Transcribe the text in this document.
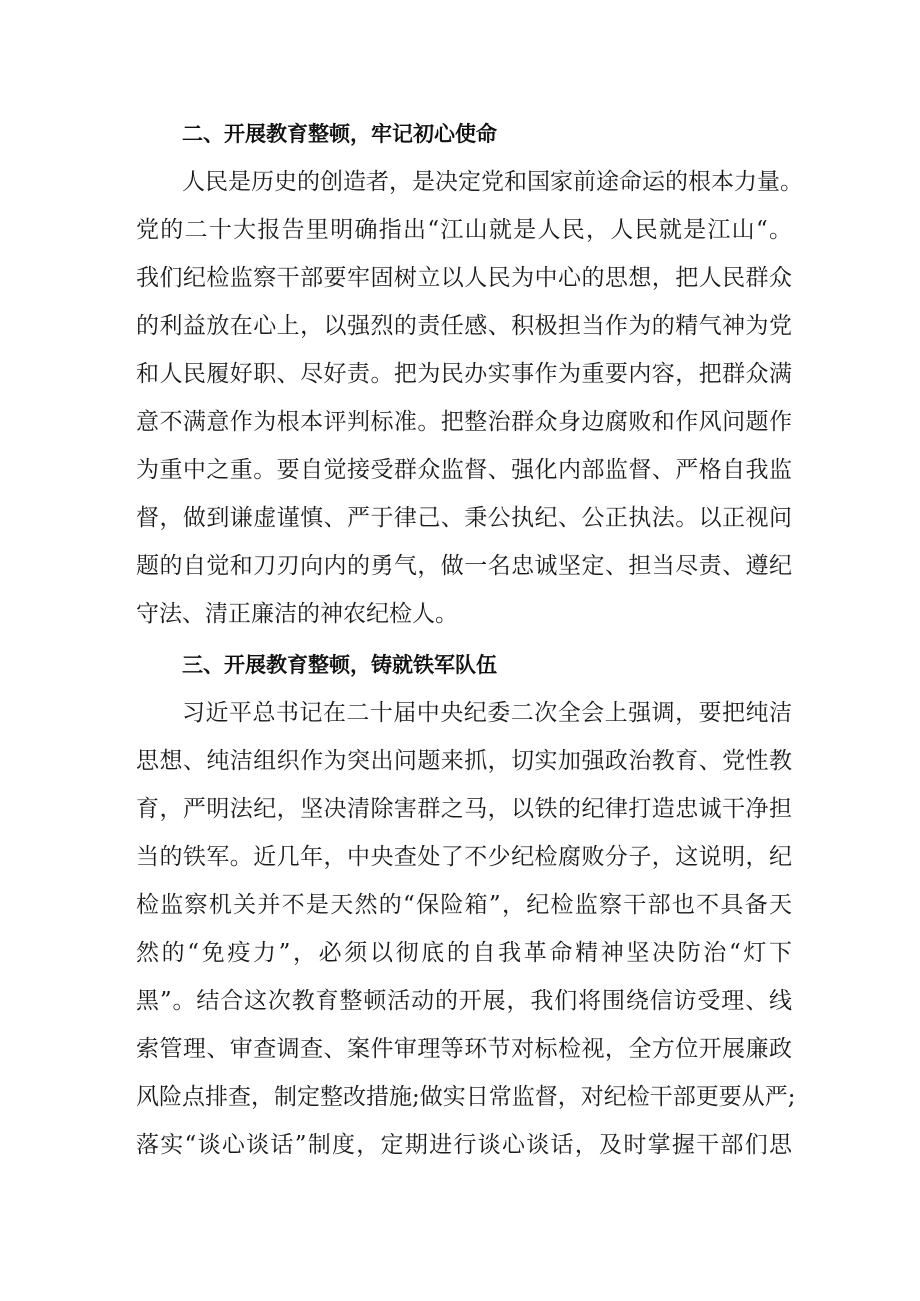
二、开展教育整顿，牢记初心使命
人民是历史的创造者，是决定党和国家前途命运的根本力量。
党的二十大报告里明确指出“江山就是人民，人民就是江山“。
我们纪检监察干部要牢固树立以人民为中心的思想，把人民群众
的利益放在心上，以强烈的责任感、积极担当作为的精气神为党
和人民履好职、尽好责。把为民办实事作为重要内容，把群众满
意不满意作为根本评判标准。把整治群众身边腐败和作风问题作
为重中之重。要自觉接受群众监督、强化内部监督、严格自我监
督，做到谦虚谨慎、严于律己、秉公执纪、公正执法。以正视问
题的自觉和刀刃向内的勇气，做一名忠诚坚定、担当尽责、遵纪
守法、清正廉洁的神农纪检人。
三、开展教育整顿，铸就铁军队伍
习近平总书记在二十届中央纪委二次全会上强调，要把纯洁
思想、纯洁组织作为突出问题来抓，切实加强政治教育、党性教
育，严明法纪，坚决清除害群之马，以铁的纪律打造忠诚干净担
当的铁军。近几年，中央查处了不少纪检腐败分子，这说明，纪
检监察机关并不是天然的“保险箱”，纪检监察干部也不具备天
然的“免疫力”，必须以彻底的自我革命精神坚决防治“灯下
黑”。结合这次教育整顿活动的开展，我们将围绕信访受理、线
索管理、审查调查、案件审理等环节对标检视，全方位开展廉政
风险点排查，制定整改措施;做实日常监督，对纪检干部更要从严;
落实“谈心谈话”制度，定期进行谈心谈话，及时掌握干部们思
